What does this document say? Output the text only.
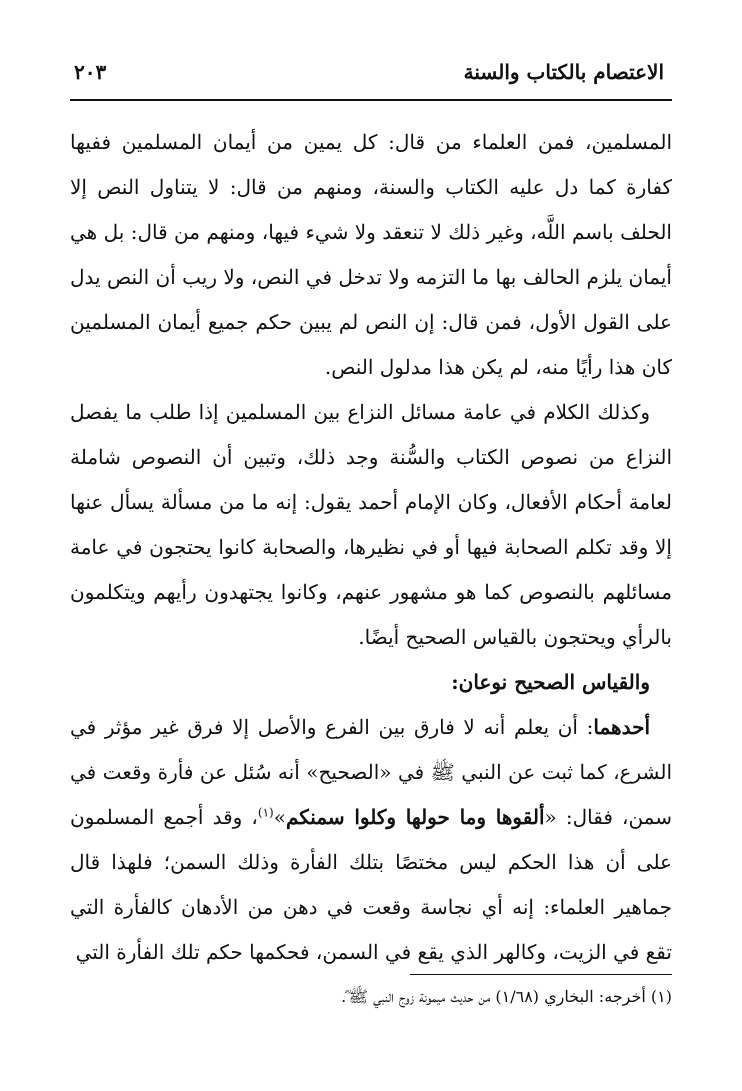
الاعتصام بالكتاب والسنة
٢٠٣

المسلمين، فمن العلماء من قال: كل يمين من أيمان المسلمين ففيها كفارة كما دل عليه الكتاب والسنة، ومنهم من قال: لا يتناول النص إلا الحلف باسم اللَّه، وغير ذلك لا تنعقد ولا شيء فيها، ومنهم من قال: بل هي أيمان يلزم الحالف بها ما التزمه ولا تدخل في النص، ولا ريب أن النص يدل على القول الأول، فمن قال: إن النص لم يبين حكم جميع أيمان المسلمين كان هذا رأيًا منه، لم يكن هذا مدلول النص.

وكذلك الكلام في عامة مسائل النزاع بين المسلمين إذا طلب ما يفصل النزاع من نصوص الكتاب والسُّنة وجد ذلك، وتبين أن النصوص شاملة لعامة أحكام الأفعال، وكان الإمام أحمد يقول: إنه ما من مسألة يسأل عنها إلا وقد تكلم الصحابة فيها أو في نظيرها، والصحابة كانوا يحتجون في عامة مسائلهم بالنصوص كما هو مشهور عنهم، وكانوا يجتهدون رأيهم ويتكلمون بالرأي ويحتجون بالقياس الصحيح أيضًا.

والقياس الصحيح نوعان:

أحدهما: أن يعلم أنه لا فارق بين الفرع والأصل إلا فرق غير مؤثر في الشرع، كما ثبت عن النبي ﷺ في «الصحيح» أنه سُئل عن فأرة وقعت في سمن، فقال: «ألقوها وما حولها وكلوا سمنكم»$^{(١)}$، وقد أجمع المسلمون على أن هذا الحكم ليس مختصًا بتلك الفأرة وذلك السمن؛ فلهذا قال جماهير العلماء: إنه أي نجاسة وقعت في دهن من الأدهان كالفأرة التي تقع في الزيت، وكالهر الذي يقع في السمن، فحكمها حكم تلك الفأرة التي

(١) أخرجه: البخاري (١/٦٨) من حديث ميمونة زوج النبي ﷺ ؓ.
